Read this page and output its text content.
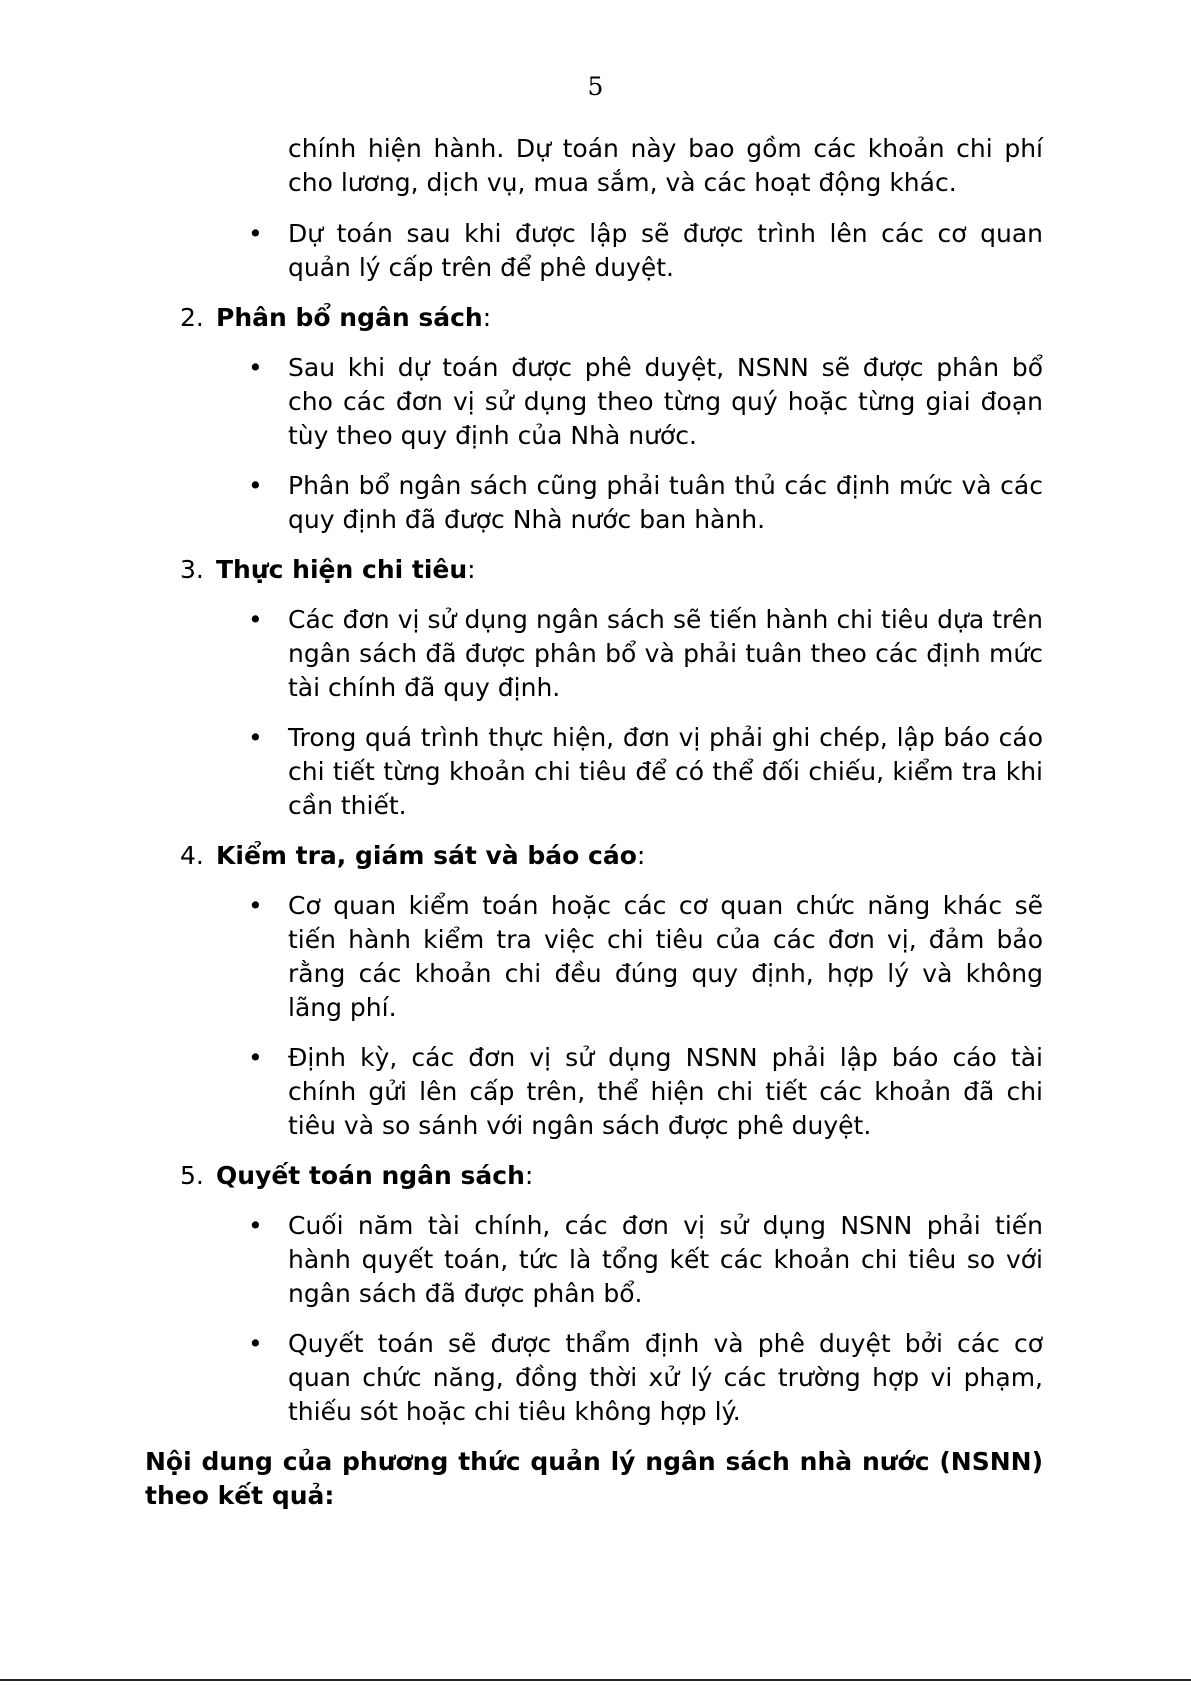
5
chính hiện hành. Dự toán này bao gồm các khoản chi phí cho lương, dịch vụ, mua sắm, và các hoạt động khác.
• Dự toán sau khi được lập sẽ được trình lên các cơ quan quản lý cấp trên để phê duyệt.
2. Phân bổ ngân sách:
• Sau khi dự toán được phê duyệt, NSNN sẽ được phân bổ cho các đơn vị sử dụng theo từng quý hoặc từng giai đoạn tùy theo quy định của Nhà nước.
• Phân bổ ngân sách cũng phải tuân thủ các định mức và các quy định đã được Nhà nước ban hành.
3. Thực hiện chi tiêu:
• Các đơn vị sử dụng ngân sách sẽ tiến hành chi tiêu dựa trên ngân sách đã được phân bổ và phải tuân theo các định mức tài chính đã quy định.
• Trong quá trình thực hiện, đơn vị phải ghi chép, lập báo cáo chi tiết từng khoản chi tiêu để có thể đối chiếu, kiểm tra khi cần thiết.
4. Kiểm tra, giám sát và báo cáo:
• Cơ quan kiểm toán hoặc các cơ quan chức năng khác sẽ tiến hành kiểm tra việc chi tiêu của các đơn vị, đảm bảo rằng các khoản chi đều đúng quy định, hợp lý và không lãng phí.
• Định kỳ, các đơn vị sử dụng NSNN phải lập báo cáo tài chính gửi lên cấp trên, thể hiện chi tiết các khoản đã chi tiêu và so sánh với ngân sách được phê duyệt.
5. Quyết toán ngân sách:
• Cuối năm tài chính, các đơn vị sử dụng NSNN phải tiến hành quyết toán, tức là tổng kết các khoản chi tiêu so với ngân sách đã được phân bổ.
• Quyết toán sẽ được thẩm định và phê duyệt bởi các cơ quan chức năng, đồng thời xử lý các trường hợp vi phạm, thiếu sót hoặc chi tiêu không hợp lý.
Nội dung của phương thức quản lý ngân sách nhà nước (NSNN) theo kết quả:
